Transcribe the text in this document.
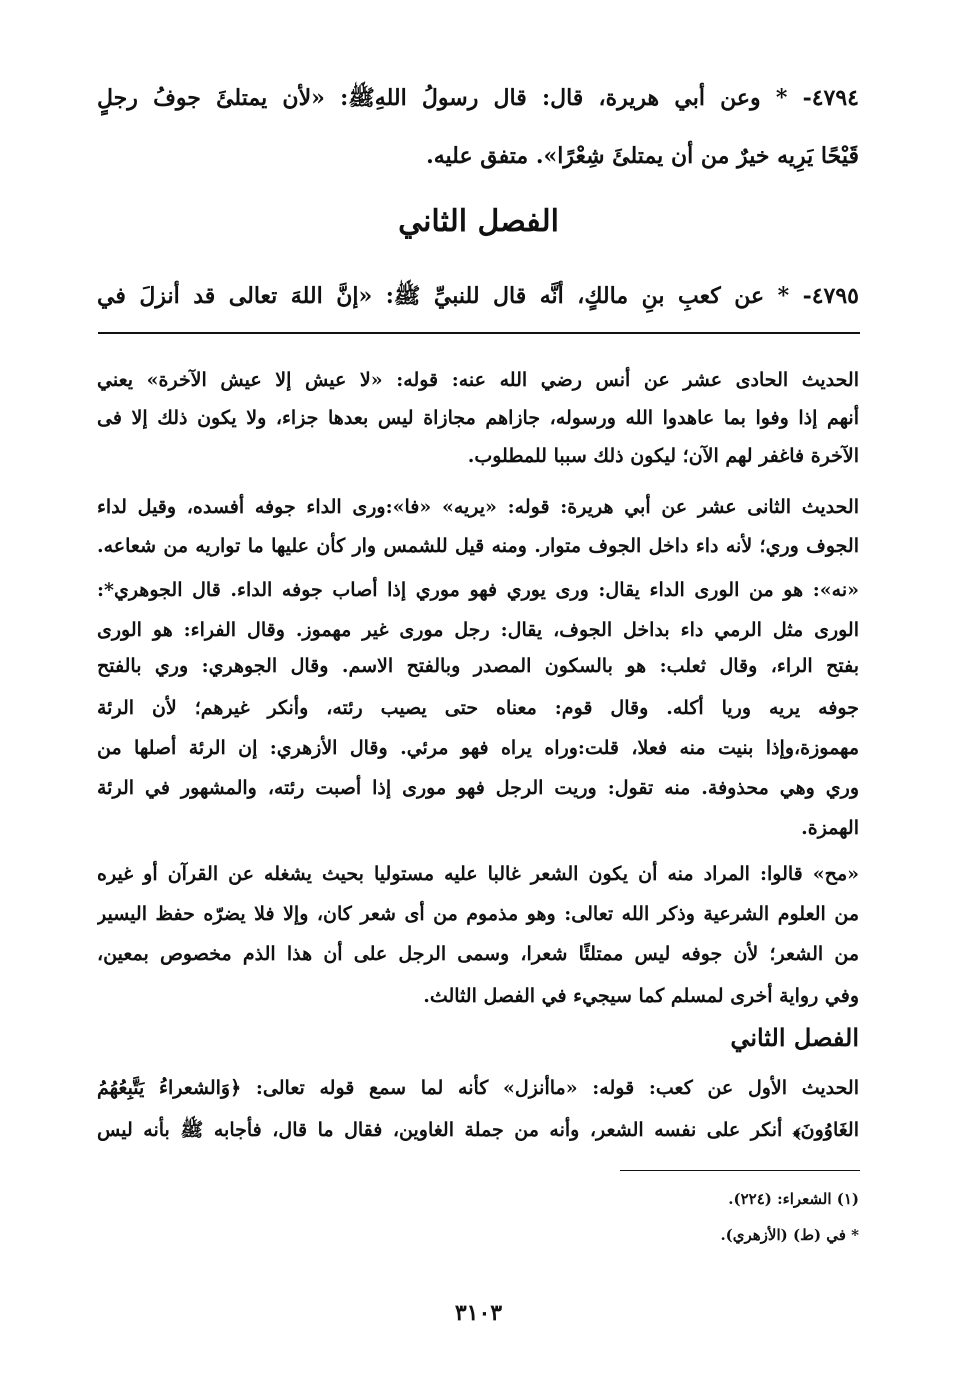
٤٧٩٤- * وعن أبي هريرة، قال: قال رسولُ اللهِﷺ: «لأن يمتلئَ جوفُ رجلٍ
قَيْحًا يَرِيه خيرٌ من أن يمتلئَ شِعْرًا». متفق عليه.
الفصل الثاني
٤٧٩٥- * عن كعبِ بنِ مالكٍ، أنَّه قال للنبيِّ ﷺ: «إنَّ اللهَ تعالى قد أنزلَ في
الحديث الحادى عشر عن أنس رضي الله عنه: قوله: «لا عيش إلا عيش الآخرة» يعني
أنهم إذا وفوا بما عاهدوا الله ورسوله، جازاهم مجازاة ليس بعدها جزاء، ولا يكون ذلك إلا فى
الآخرة فاغفر لهم الآن؛ ليكون ذلك سببا للمطلوب.
الحديث الثانى عشر عن أبي هريرة: قوله: «يريه» «فا»:ورى الداء جوفه أفسده، وقيل لداء
الجوف وري؛ لأنه داء داخل الجوف متوار. ومنه قيل للشمس وار كأن عليها ما تواريه من شعاعه.
«نه»: هو من الورى الداء يقال: ورى يوري فهو موري إذا أصاب جوفه الداء. قال الجوهري*:
الورى مثل الرمي داء بداخل الجوف، يقال: رجل مورى غير مهموز. وقال الفراء: هو الورى
بفتح الراء، وقال ثعلب: هو بالسكون المصدر وبالفتح الاسم. وقال الجوهري: وري بالفتح
جوفه يريه وريا أكله. وقال قوم: معناه حتى يصيب رئته، وأنكر غيرهم؛ لأن الرئة
مهموزة،وإذا بنيت منه فعلا، قلت:وراه يراه فهو مرئي. وقال الأزهري: إن الرئة أصلها من
وري وهي محذوفة. منه تقول: وريت الرجل فهو مورى إذا أصبت رئته، والمشهور في الرئة
الهمزة.
«مح» قالوا: المراد منه أن يكون الشعر غالبا عليه مستوليا بحيث يشغله عن القرآن أو غيره
من العلوم الشرعية وذكر الله تعالى: وهو مذموم من أى شعر كان، وإلا فلا يضرّه حفظ اليسير
من الشعر؛ لأن جوفه ليس ممتلئًا شعرا، وسمى الرجل على أن هذا الذم مخصوص بمعين،
وفي رواية أخرى لمسلم كما سيجيء في الفصل الثالث.
الفصل الثاني
الحديث الأول عن كعب: قوله: «ماأنزل» كأنه لما سمع قوله تعالى: ﴿وَالشعراءُ يَتَّبِعُهُمُ
الغَاوُونَ﴾ أنكر على نفسه الشعر، وأنه من جملة الغاوين، فقال ما قال، فأجابه ﷺ بأنه ليس
(١) الشعراء: (٢٢٤).
* في (ط) (الأزهري).
٣١٠٣
